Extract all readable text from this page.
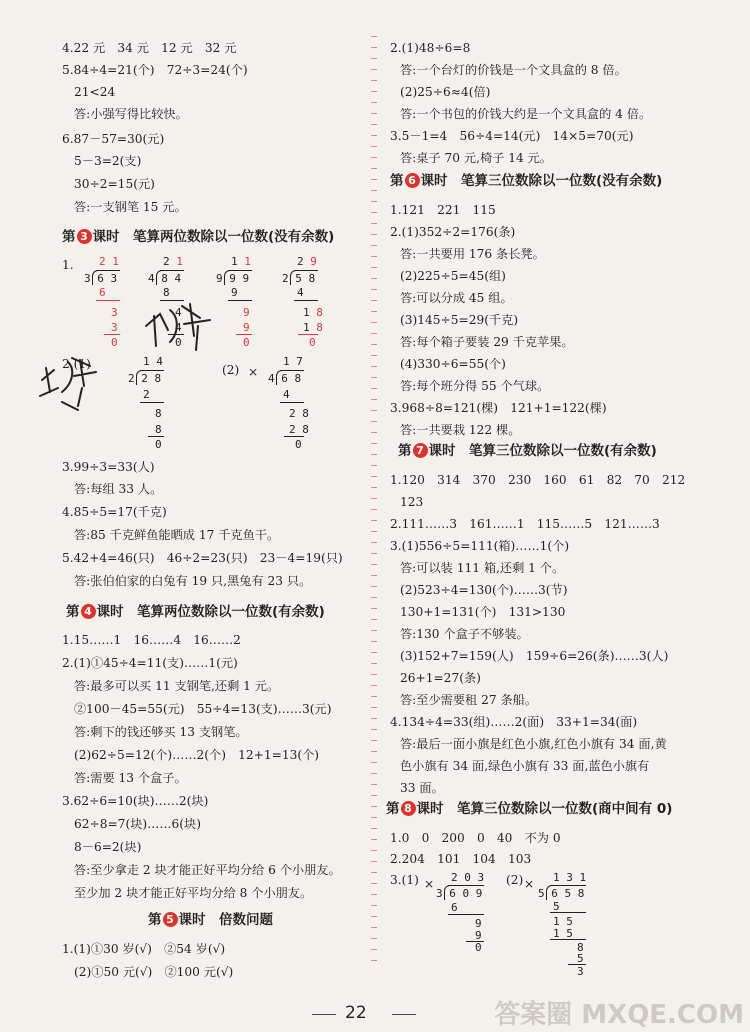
4.22 元　34 元　12 元　32 元
5.84÷4=21(个)　72÷3=24(个)
21<24
答:小强写得比较快。
6.87－57=30(元)
5－3=2(支)
30÷2=15(元)
答:一支钢笔 15 元。
第 3 课时　笔算两位数除以一位数(没有余数)
1. 2 1
3 6 3
6
3
3
0
2 1
4 8 4
8
4
4
0
1 1
9 9 9
9
9
9
0
2 9
2 5 8
4
1 8
1 8
0
2.(1)	1 4
2 2 8
2
8
8
0
(2) ×
1 7
4 6 8
4
2 8
2 8
0
3.99÷3=33(人)
答:每组 33 人。
4.85÷5=17(千克)
答:85 千克鲜鱼能晒成 17 千克鱼干。
5.42+4=46(只)　46÷2=23(只)　23－4=19(只)
答:张伯伯家的白兔有 19 只,黑兔有 23 只。
第 4 课时　笔算两位数除以一位数(有余数)
1.15……1　16……4　16……2
2.(1)①45÷4=11(支)……1(元)
答:最多可以买 11 支钢笔,还剩 1 元。
②100－45=55(元)　55÷4=13(支)……3(元)
答:剩下的钱还够买 13 支钢笔。
(2)62÷5=12(个)……2(个)　12+1=13(个)
答:需要 13 个盒子。
3.62÷6=10(块)……2(块)
62÷8=7(块)……6(块)
8－6=2(块)
答:至少拿走 2 块才能正好平均分给 6 个小朋友。
至少加 2 块才能正好平均分给 8 个小朋友。
第 5 课时　倍数问题
1.(1)①30 岁(√)　②54 岁(√)
(2)①50 元(√)　②100 元(√)
2.(1)48÷6=8
答:一个台灯的价钱是一个文具盒的 8 倍。
(2)25÷6≈4(倍)
答:一个书包的价钱大约是一个文具盒的 4 倍。
3.5－1=4　56÷4=14(元)　14×5=70(元)
答:桌子 70 元,椅子 14 元。
第 6 课时　笔算三位数除以一位数(没有余数)
1.121　221　115
2.(1)352÷2=176(条)
答:一共要用 176 条长凳。
(2)225÷5=45(组)
答:可以分成 45 组。
(3)145÷5=29(千克)
答:每个箱子要装 29 千克苹果。
(4)330÷6=55(个)
答:每个班分得 55 个气球。
3.968÷8=121(棵)　121+1=122(棵)
答:一共要栽 122 棵。
第 7 课时　笔算三位数除以一位数(有余数)
1.120　314　370　230　160　61　82　70　212
123
2.111……3　161……1　115……5　121……3
3.(1)556÷5=111(箱)……1(个)
答:可以装 111 箱,还剩 1 个。
(2)523÷4=130(个)……3(节)
130+1=131(个)　131>130
答:130 个盒子不够装。
(3)152+7=159(人)　159÷6=26(条)……3(人)
26+1=27(条)
答:至少需要租 27 条船。
4.134÷4=33(组)……2(面)　33+1=34(面)
答:最后一面小旗是红色小旗,红色小旗有 34 面,黄
色小旗有 34 面,绿色小旗有 33 面,蓝色小旗有
33 面。
第 8 课时　笔算三位数除以一位数(商中间有 0)
1.0　0　200　0　40　不为 0
2.204　101　104　103
3.(1) × 2 0 3
3 6 0 9
6
9
9
0
(2) × 1 3 1
5 6 5 8
5
1 5
1 5
8
5
3
22	答案圈 MXQE.COM
